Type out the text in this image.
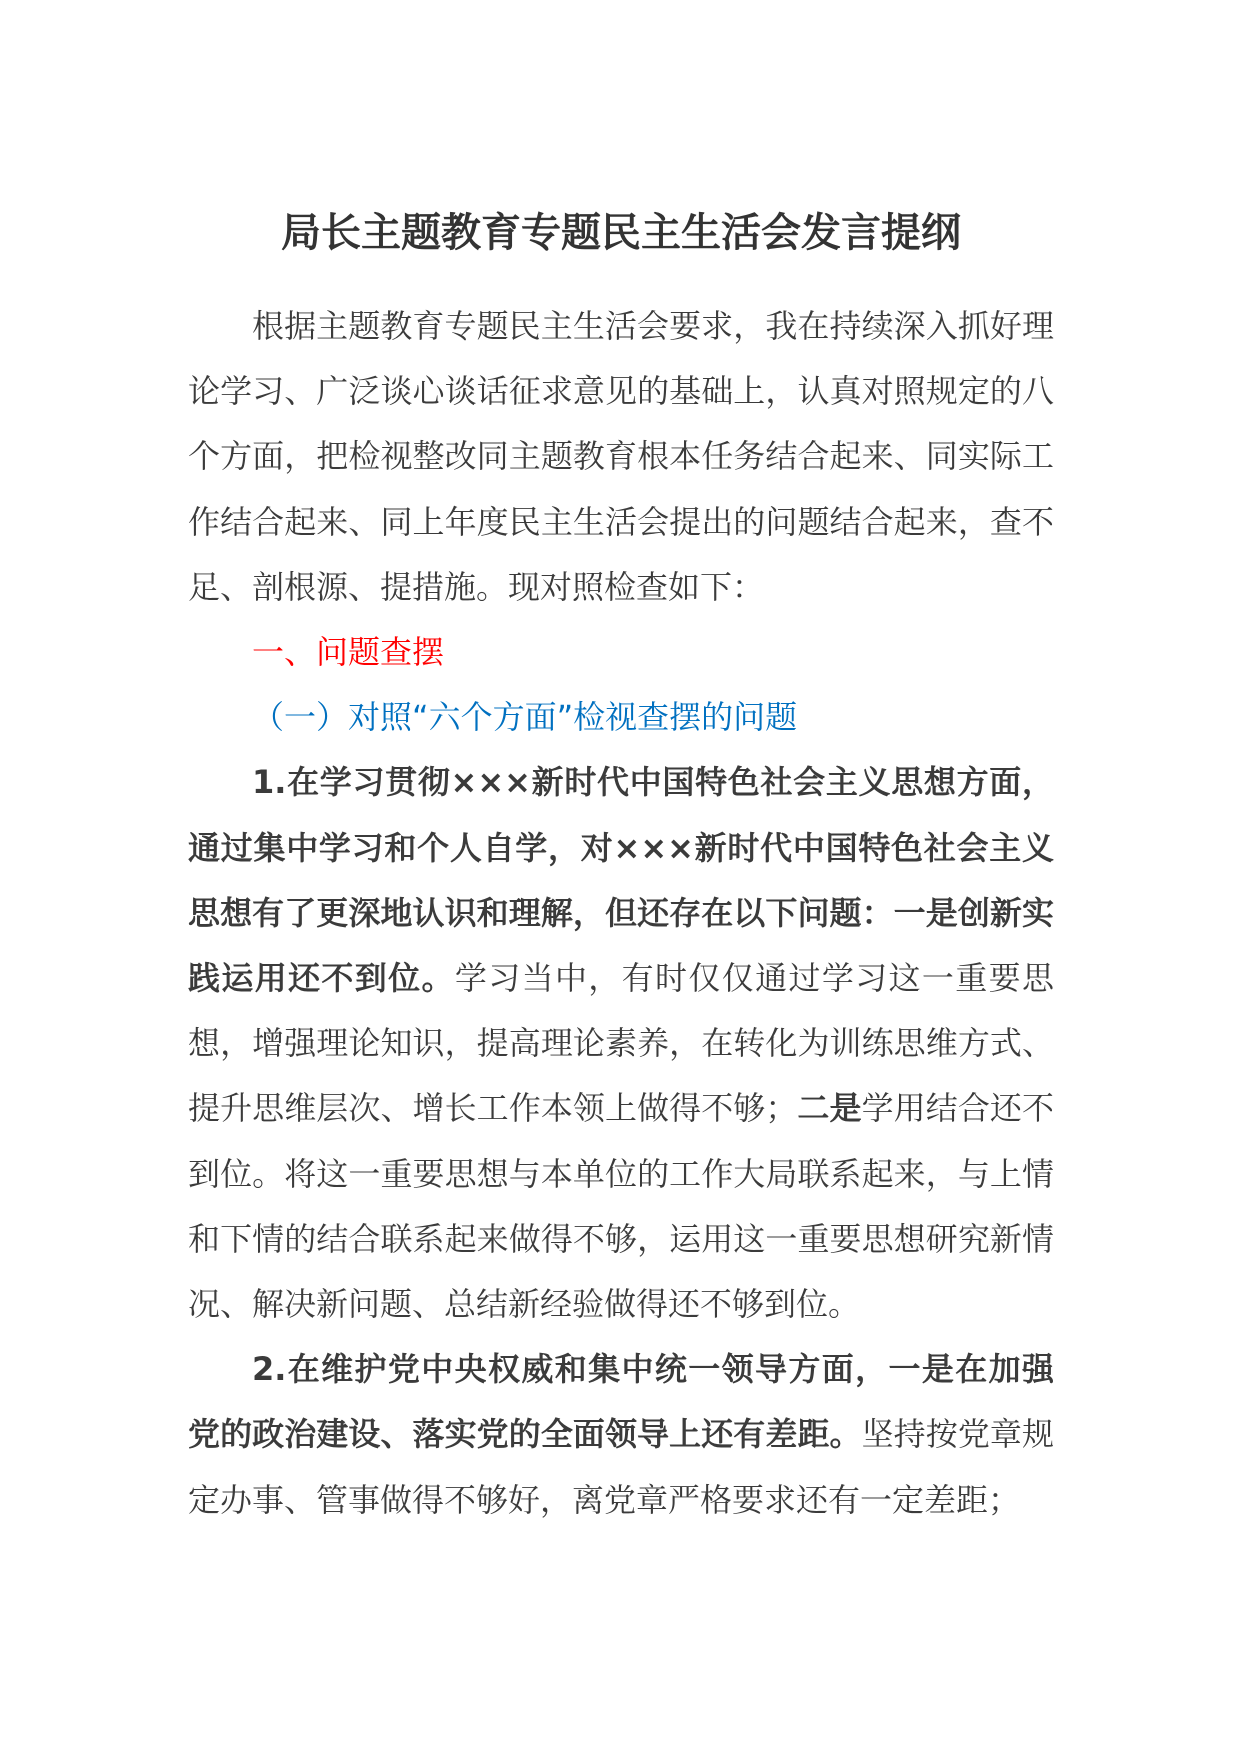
局长主题教育专题民主生活会发言提纲

根据主题教育专题民主生活会要求，我在持续深入抓好理论学习、广泛谈心谈话征求意见的基础上，认真对照规定的八个方面，把检视整改同主题教育根本任务结合起来、同实际工作结合起来、同上年度民主生活会提出的问题结合起来，查不足、剖根源、提措施。现对照检查如下：

一、问题查摆

（一）对照“六个方面”检视查摆的问题

1.在学习贯彻×××新时代中国特色社会主义思想方面，通过集中学习和个人自学，对×××新时代中国特色社会主义思想有了更深地认识和理解，但还存在以下问题：一是创新实践运用还不到位。学习当中，有时仅仅通过学习这一重要思想，增强理论知识，提高理论素养，在转化为训练思维方式、提升思维层次、增长工作本领上做得不够；二是学用结合还不到位。将这一重要思想与本单位的工作大局联系起来，与上情和下情的结合联系起来做得不够，运用这一重要思想研究新情况、解决新问题、总结新经验做得还不够到位。

2.在维护党中央权威和集中统一领导方面，一是在加强党的政治建设、落实党的全面领导上还有差距。坚持按党章规定办事、管事做得不够好，离党章严格要求还有一定差距；
